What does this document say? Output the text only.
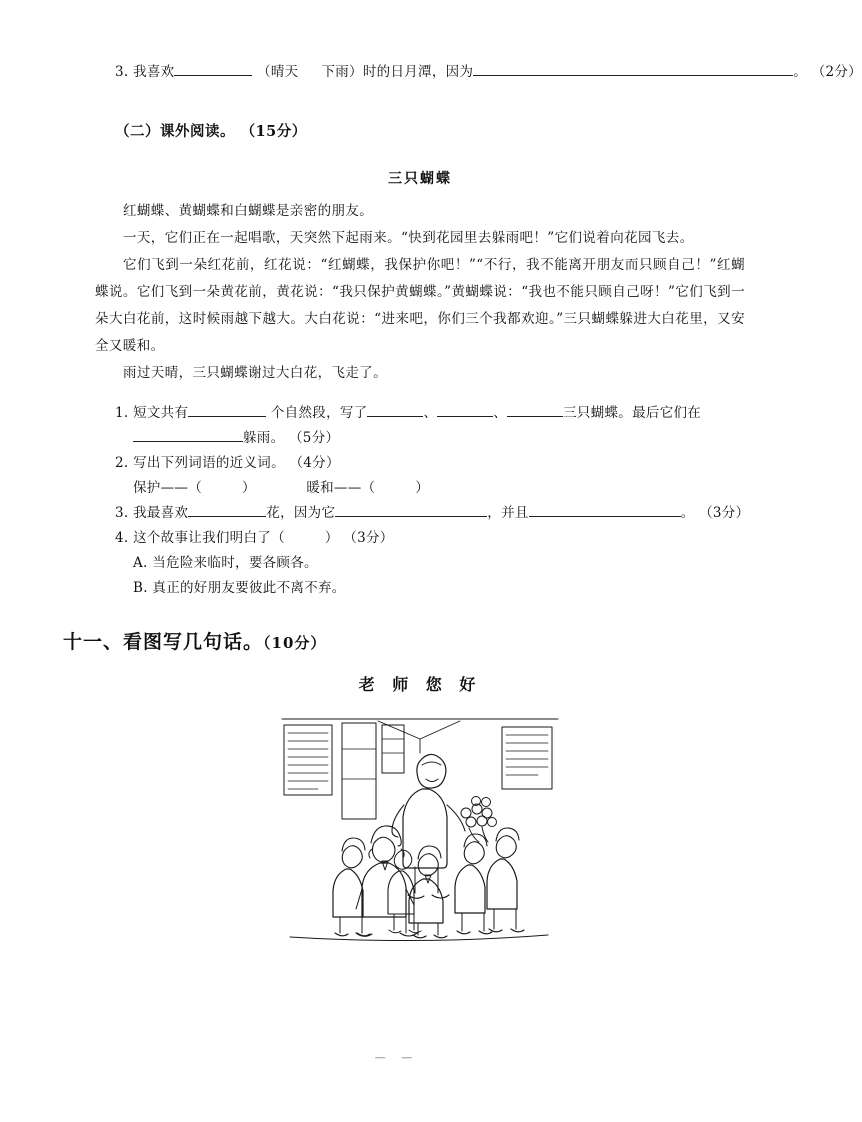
3. 我喜欢	（晴天 下雨）时的日月潭，因为	。 （2分）
（二）课外阅读。 （15分）
三只蝴蝶
红蝴蝶、黄蝴蝶和白蝴蝶是亲密的朋友。
一天，它们正在一起唱歌，天突然下起雨来。“快到花园里去躲雨吧！”它们说着向花园飞去。
它们飞到一朵红花前，红花说：“红蝴蝶，我保护你吧！”“不行，我不能离开朋友而只顾自己！”红蝴蝶说。它们飞到一朵黄花前，黄花说：“我只保护黄蝴蝶。”黄蝴蝶说：“我也不能只顾自己呀！”它们飞到一朵大白花前，这时候雨越下越大。大白花说：“进来吧，你们三个我都欢迎。”三只蝴蝶躲进大白花里，又安全又暖和。
雨过天晴，三只蝴蝶谢过大白花，飞走了。
1. 短文共有	个自然段，写了	、	、	三只蝴蝶。最后它们在
躲雨。 （5分）
2. 写出下列词语的近义词。 （4分）
保护——（	）	暖和——（	）
3. 我最喜欢	花，因为它	，并且	。 （3分）
4. 这个故事让我们明白了（	） （3分）
A. 当危险来临时，要各顾各。
B. 真正的好朋友要彼此不离不弃。
十一、看图写几句话。（10分）
老 师 您 好
— —
